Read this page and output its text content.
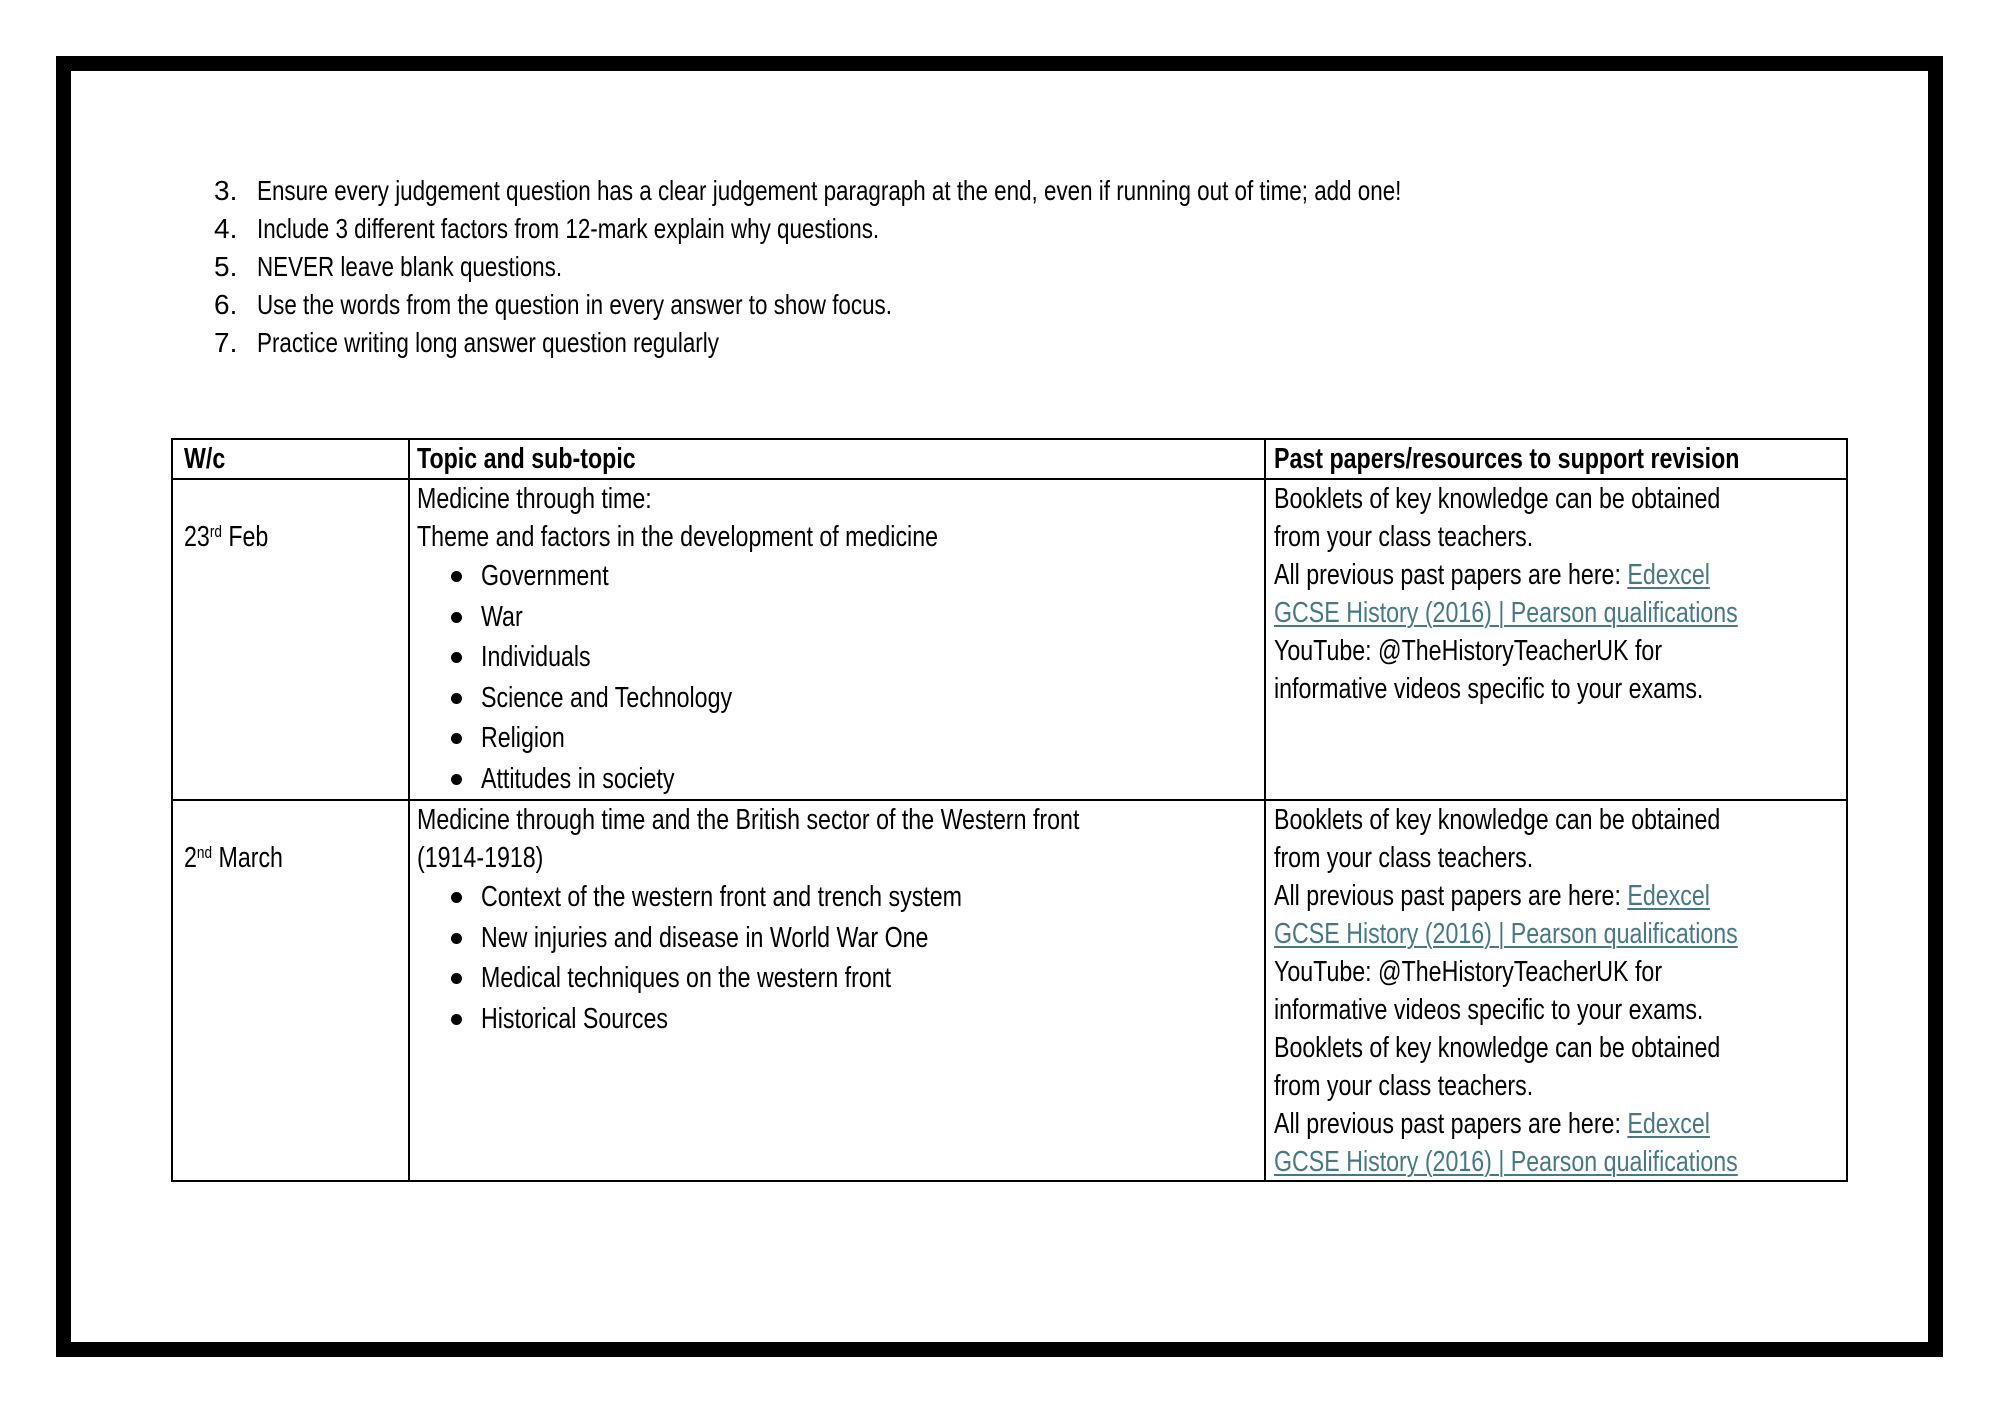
3. Ensure every judgement question has a clear judgement paragraph at the end, even if running out of time; add one!
4. Include 3 different factors from 12-mark explain why questions.
5. NEVER leave blank questions.
6. Use the words from the question in every answer to show focus.
7. Practice writing long answer question regularly
W/c	Topic and sub-topic	Past papers/resources to support revision
23rd Feb
Medicine through time:
Theme and factors in the development of medicine
Government
War
Individuals
Science and Technology
Religion
Attitudes in society
Booklets of key knowledge can be obtained
from your class teachers.
All previous past papers are here: Edexcel
GCSE History (2016) | Pearson qualifications
YouTube: @TheHistoryTeacherUK for
informative videos specific to your exams.
2nd March
Medicine through time and the British sector of the Western front
(1914-1918)
Context of the western front and trench system
New injuries and disease in World War One
Medical techniques on the western front
Historical Sources
Booklets of key knowledge can be obtained
from your class teachers.
All previous past papers are here: Edexcel
GCSE History (2016) | Pearson qualifications
YouTube: @TheHistoryTeacherUK for
informative videos specific to your exams.
Booklets of key knowledge can be obtained
from your class teachers.
All previous past papers are here: Edexcel
GCSE History (2016) | Pearson qualifications
